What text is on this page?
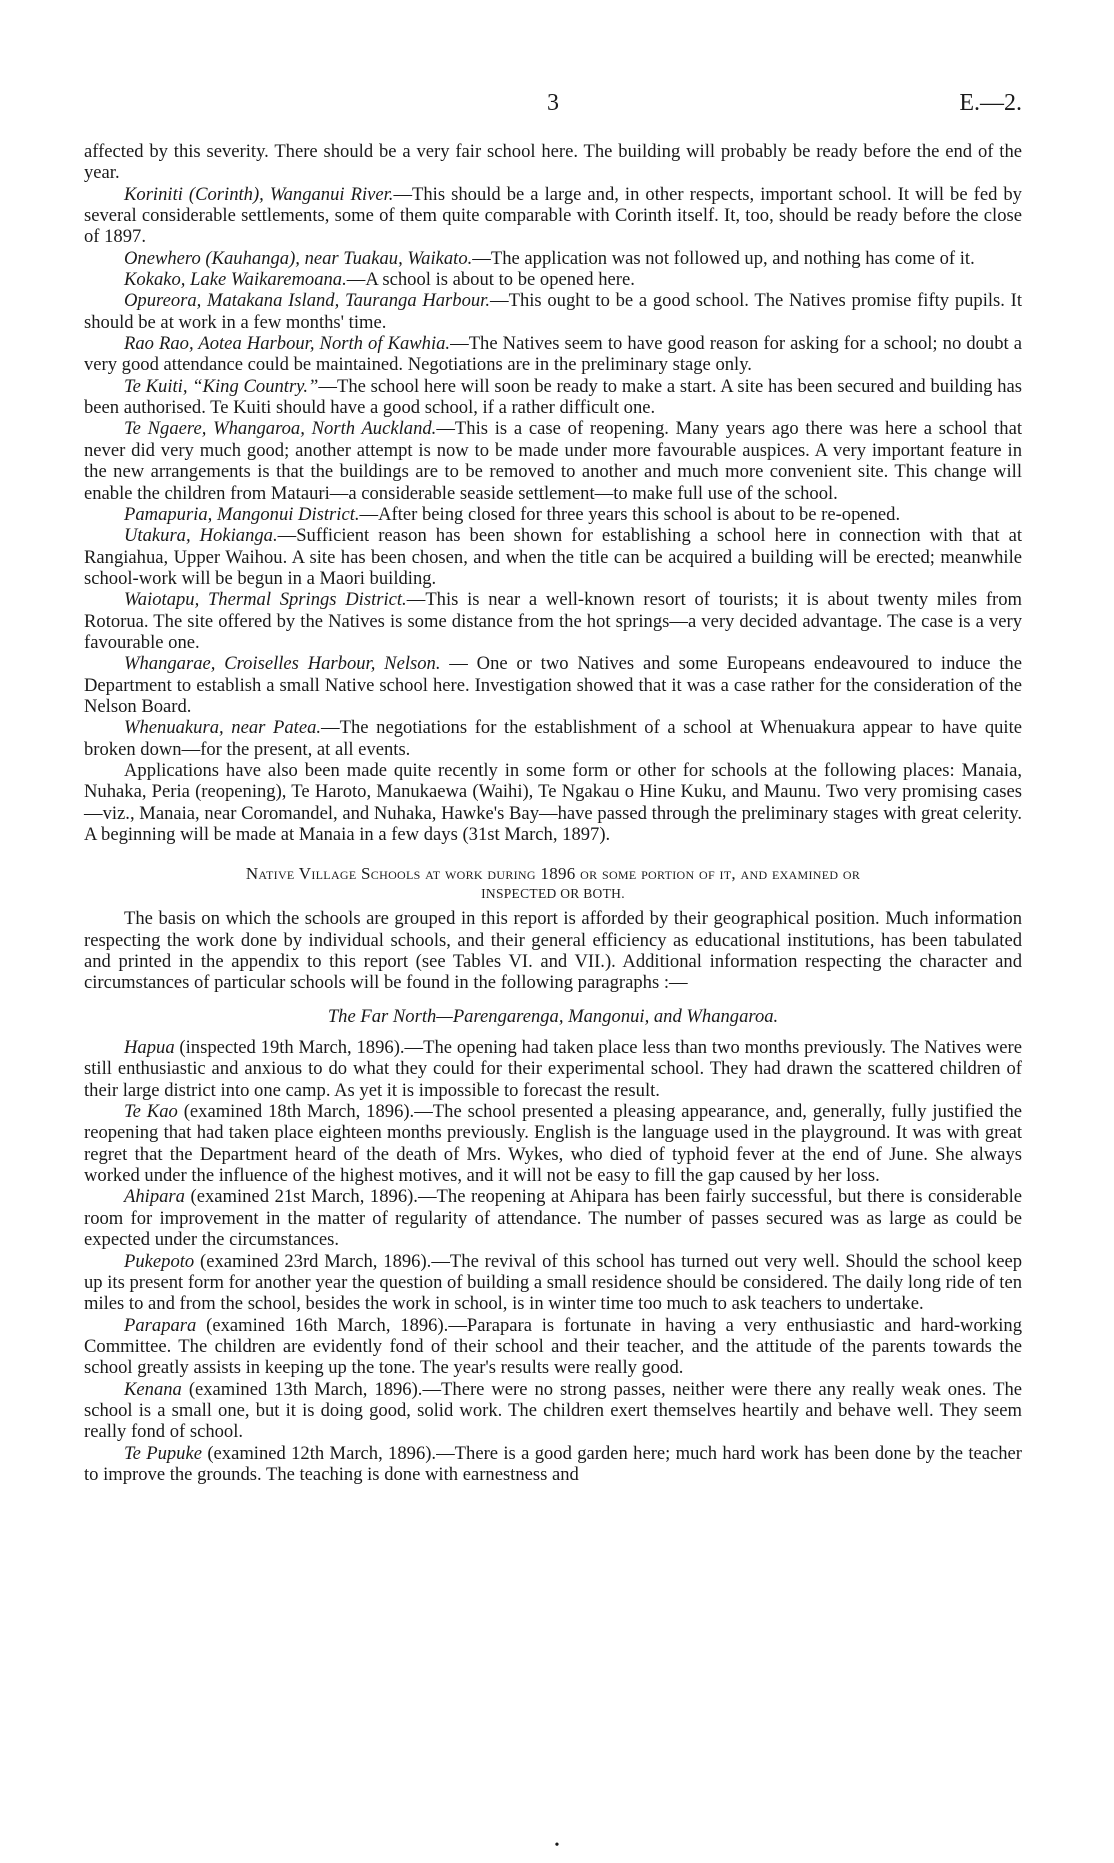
3	E.—2.

affected by this severity. There should be a very fair school here. The building will probably be ready before the end of the year.

Koriniti (Corinth), Wanganui River.—This should be a large and, in other respects, important school. It will be fed by several considerable settlements, some of them quite comparable with Corinth itself. It, too, should be ready before the close of 1897.

Onewhero (Kauhanga), near Tuakau, Waikato.—The application was not followed up, and nothing has come of it.

Kokako, Lake Waikaremoana.—A school is about to be opened here.

Opureora, Matakana Island, Tauranga Harbour.—This ought to be a good school. The Natives promise fifty pupils. It should be at work in a few months' time.

Rao Rao, Aotea Harbour, North of Kawhia.—The Natives seem to have good reason for asking for a school; no doubt a very good attendance could be maintained. Negotiations are in the preliminary stage only.

Te Kuiti, “King Country.”—The school here will soon be ready to make a start. A site has been secured and building has been authorised. Te Kuiti should have a good school, if a rather difficult one.

Te Ngaere, Whangaroa, North Auckland.—This is a case of reopening. Many years ago there was here a school that never did very much good; another attempt is now to be made under more favourable auspices. A very important feature in the new arrangements is that the buildings are to be removed to another and much more convenient site. This change will enable the children from Matauri—a considerable seaside settlement—to make full use of the school.

Pamapuria, Mangonui District.—After being closed for three years this school is about to be re-opened.

Utakura, Hokianga.—Sufficient reason has been shown for establishing a school here in connection with that at Rangiahua, Upper Waihou. A site has been chosen, and when the title can be acquired a building will be erected; meanwhile school-work will be begun in a Maori building.

Waiotapu, Thermal Springs District.—This is near a well-known resort of tourists; it is about twenty miles from Rotorua. The site offered by the Natives is some distance from the hot springs—a very decided advantage. The case is a very favourable one.

Whangarae, Croiselles Harbour, Nelson. — One or two Natives and some Europeans endeavoured to induce the Department to establish a small Native school here. Investigation showed that it was a case rather for the consideration of the Nelson Board.

Whenuakura, near Patea.—The negotiations for the establishment of a school at Whenuakura appear to have quite broken down—for the present, at all events.

Applications have also been made quite recently in some form or other for schools at the following places: Manaia, Nuhaka, Peria (reopening), Te Haroto, Manukaewa (Waihi), Te Ngakau o Hine Kuku, and Maunu. Two very promising cases—viz., Manaia, near Coromandel, and Nuhaka, Hawke's Bay—have passed through the preliminary stages with great celerity. A beginning will be made at Manaia in a few days (31st March, 1897).

Native Village Schools at work during 1896 or some portion of it, and examined or
INSPECTED OR BOTH.

The basis on which the schools are grouped in this report is afforded by their geographical position. Much information respecting the work done by individual schools, and their general efficiency as educational institutions, has been tabulated and printed in the appendix to this report (see Tables VI. and VII.). Additional information respecting the character and circumstances of particular schools will be found in the following paragraphs :—

The Far North—Parengarenga, Mangonui, and Whangaroa.

Hapua (inspected 19th March, 1896).—The opening had taken place less than two months previously. The Natives were still enthusiastic and anxious to do what they could for their experimental school. They had drawn the scattered children of their large district into one camp. As yet it is impossible to forecast the result.

Te Kao (examined 18th March, 1896).—The school presented a pleasing appearance, and, generally, fully justified the reopening that had taken place eighteen months previously. English is the language used in the playground. It was with great regret that the Department heard of the death of Mrs. Wykes, who died of typhoid fever at the end of June. She always worked under the influence of the highest motives, and it will not be easy to fill the gap caused by her loss.

Ahipara (examined 21st March, 1896).—The reopening at Ahipara has been fairly successful, but there is considerable room for improvement in the matter of regularity of attendance. The number of passes secured was as large as could be expected under the circumstances.

Pukepoto (examined 23rd March, 1896).—The revival of this school has turned out very well. Should the school keep up its present form for another year the question of building a small residence should be considered. The daily long ride of ten miles to and from the school, besides the work in school, is in winter time too much to ask teachers to undertake.

Parapara (examined 16th March, 1896).—Parapara is fortunate in having a very enthusiastic and hard-working Committee. The children are evidently fond of their school and their teacher, and the attitude of the parents towards the school greatly assists in keeping up the tone. The year's results were really good.

Kenana (examined 13th March, 1896).—There were no strong passes, neither were there any really weak ones. The school is a small one, but it is doing good, solid work. The children exert themselves heartily and behave well. They seem really fond of school.

Te Pupuke (examined 12th March, 1896).—There is a good garden here; much hard work has been done by the teacher to improve the grounds. The teaching is done with earnestness and

•
